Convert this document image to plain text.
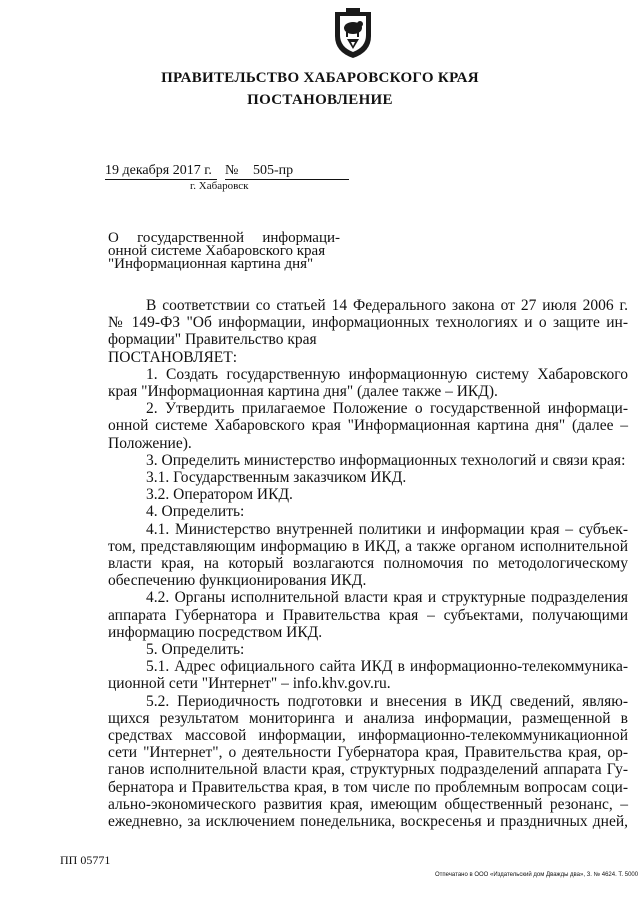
ПРАВИТЕЛЬСТВО ХАБАРОВСКОГО КРАЯ
ПОСТАНОВЛЕНИЕ
19 декабря 2017 г. № 505-пр
г. Хабаровск
О государственной информаци-
онной системе Хабаровского края
"Информационная картина дня"
В соответствии со статьей 14 Федерального закона от 27 июля 2006 г.
№ 149-ФЗ "Об информации, информационных технологиях и о защите ин-
формации" Правительство края
ПОСТАНОВЛЯЕТ:
1. Создать государственную информационную систему Хабаровского
края "Информационная картина дня" (далее также – ИКД).
2. Утвердить прилагаемое Положение о государственной информаци-
онной системе Хабаровского края "Информационная картина дня" (далее –
Положение).
3. Определить министерство информационных технологий и связи края:
3.1. Государственным заказчиком ИКД.
3.2. Оператором ИКД.
4. Определить:
4.1. Министерство внутренней политики и информации края – субъек-
том, представляющим информацию в ИКД, а также органом исполнительной
власти края, на который возлагаются полномочия по методологическому
обеспечению функционирования ИКД.
4.2. Органы исполнительной власти края и структурные подразделения
аппарата Губернатора и Правительства края – субъектами, получающими
информацию посредством ИКД.
5. Определить:
5.1. Адрес официального сайта ИКД в информационно-телекоммуника-
ционной сети "Интернет" – info.khv.gov.ru.
5.2. Периодичность подготовки и внесения в ИКД сведений, являю-
щихся результатом мониторинга и анализа информации, размещенной в
средствах массовой информации, информационно-телекоммуникационной
сети "Интернет", о деятельности Губернатора края, Правительства края, ор-
ганов исполнительной власти края, структурных подразделений аппарата Гу-
бернатора и Правительства края, в том числе по проблемным вопросам соци-
ально-экономического развития края, имеющим общественный резонанс, –
ежедневно, за исключением понедельника, воскресенья и праздничных дней,
ПП 05771
Отпечатано в ООО «Издательский дом Дважды два», З. № 4624. Т. 5000
